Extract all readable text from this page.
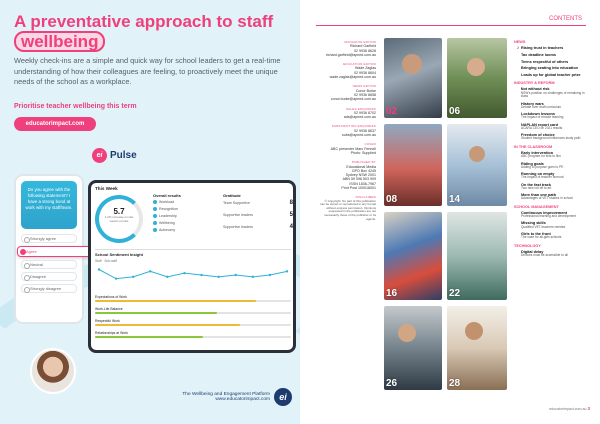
A preventative approach to staff wellbeing
Weekly check-ins are a simple and quick way for school leaders to get a real-time understanding of how their colleagues are feeling, to proactively meet the unique needs of the school as a workplace.
Prioritise teacher wellbeing this term
educatorimpact.com
ei Pulse
Do you agree with the following statement? I have a strong bond at work with my staff/team.
Strongly agree
Agree
Neutral
Disagree
Strongly disagree
This Week
5.7
1.2% increase on last week's results
Overall results
Workload
Recognition
Leadership
Wellbeing
Autonomy
Gratitude
Team Supportive	8
Supportive leaders	5
Supportive leaders	4
School Sentiment Insight
Staff · Sub-staff
Expectations of Work
Work-Life Balance
Respectful Work
Relationships at Work
The Wellbeing and Engagement Platform
www.educatorimpact.com	ei
CONTENTS
MANAGING EDITOR
Richard Garfield
02 9936 8628
richard.garfield@apned.com.au
EDUCATION EDITOR
Wade Zaglas
02 9936 8604
wade.zaglas@apned.com.au
NEWS EDITOR
Conor Burke
02 9936 8658
conor.burke@apned.com.au
SALES ENQUIRIES
02 9936 8702
ads@apned.com.au
SUBSCRIPTION ENQUIRIES
02 9936 8637
subs@apned.com.au
COVER
ABC presenter Marc Fennell
Photo: Supplied
PUBLISHED BY
Educational Media
GPO Box 4245
Sydney NSW 2001
ABN 59 096 503 909
ISSN 1836-7967
Print Post 100018001
DISCLAIMER
© Copyright. No part of this publication can be stored or reproduced in any format without express permission. Opinions expressed in the publication are not necessarily those of the publisher or its agents.
02	06
08	14
16	22
26	28
NEWS
2 Rising trust in teachers
Tax deadline looms
Teens respectful of others
Bringing seating into education
Leads up for global teacher prize
INDUSTRY & REFORM
Not without risk
NSW's position on challenges of remaining in class
History wars
Debate over draft curriculum
Lockdown lessons
The impact of remote learning
NAPLAN report card
ACARA CEO on 2021 results
Freedom of choice
Student background influences study path
IN THE CLASSROOM
Early intervention
ABC program for kids to film
Riding goals
Adding to purpose goes to PE
Running on empty
The impact of teacher burnout
On the fast track
Two new roll off to art
More than one path
Advantages of VET studies in school
SCHOOL MANAGEMENT
Continuous improvement
Professional learning and development
Missing skills
Qualified VET teachers needed
Girls to the front
The case for all-girls schools
TECHNOLOGY
Digital delay
Devices must be accessible to all
educatorimpact.com.au 3
